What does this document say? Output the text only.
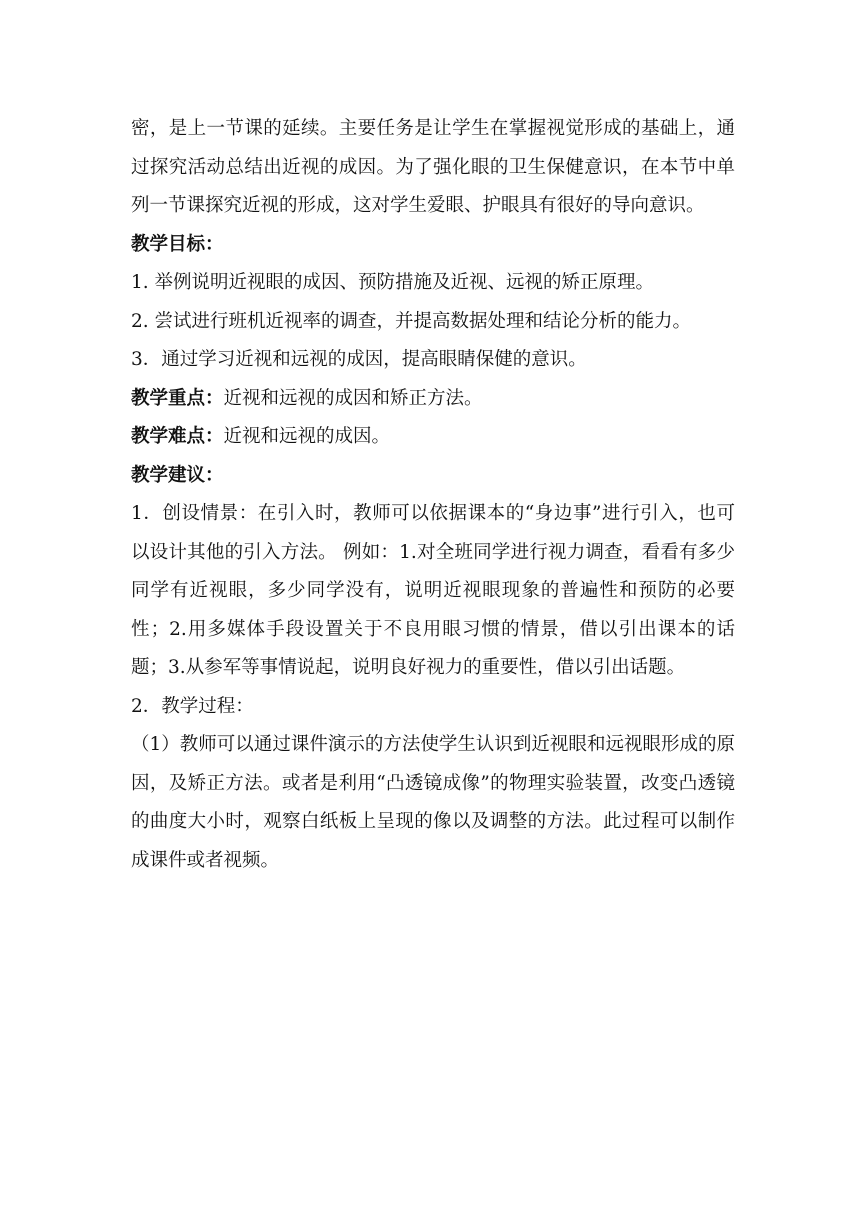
密，是上一节课的延续。主要任务是让学生在掌握视觉形成的基础上，通过探究活动总结出近视的成因。为了强化眼的卫生保健意识，在本节中单列一节课探究近视的形成，这对学生爱眼、护眼具有很好的导向意识。

教学目标：

1. 举例说明近视眼的成因、预防措施及近视、远视的矫正原理。

2. 尝试进行班机近视率的调查，并提高数据处理和结论分析的能力。

3．通过学习近视和远视的成因，提高眼睛保健的意识。

教学重点：近视和远视的成因和矫正方法。

教学难点：近视和远视的成因。

教学建议：

1．创设情景：在引入时，教师可以依据课本的“身边事”进行引入，也可以设计其他的引入方法。 例如：1.对全班同学进行视力调查，看看有多少同学有近视眼，多少同学没有，说明近视眼现象的普遍性和预防的必要性；2.用多媒体手段设置关于不良用眼习惯的情景，借以引出课本的话题；3.从参军等事情说起，说明良好视力的重要性，借以引出话题。

2．教学过程：

（1）教师可以通过课件演示的方法使学生认识到近视眼和远视眼形成的原因，及矫正方法。或者是利用“凸透镜成像”的物理实验装置，改变凸透镜的曲度大小时，观察白纸板上呈现的像以及调整的方法。此过程可以制作成课件或者视频。
